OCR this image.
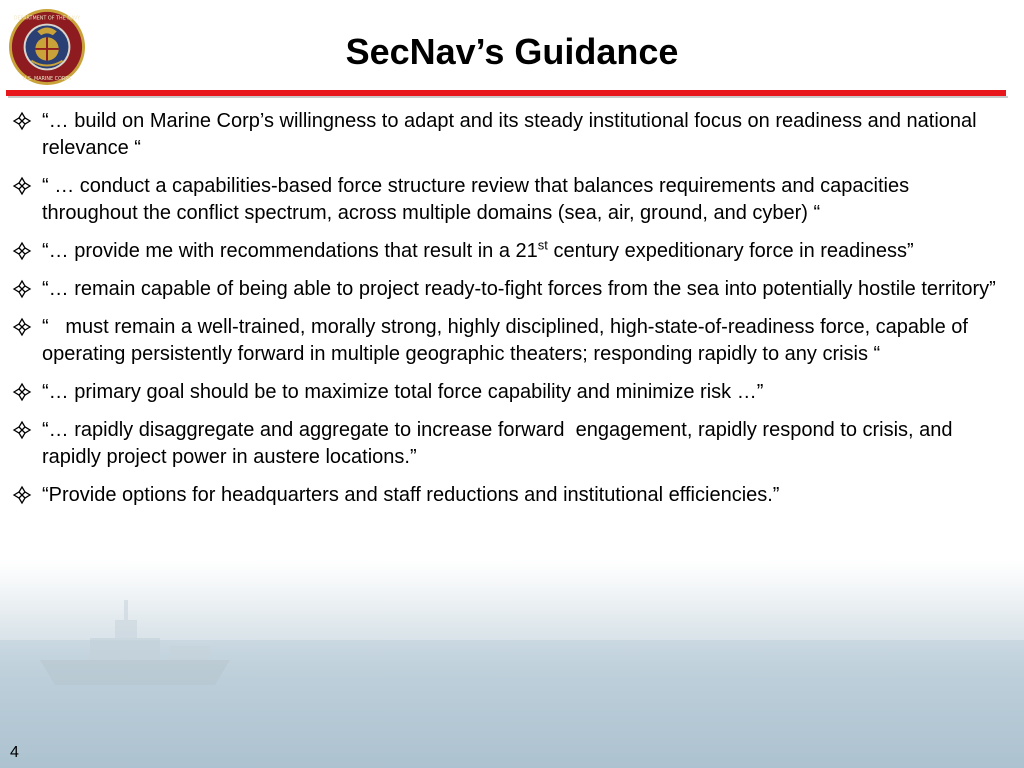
DEPARTMENT OF THE NAVY
U.S. MARINE CORPS
SecNav’s Guidance
“… build on Marine Corp’s willingness to adapt and its steady institutional focus on readiness and national relevance “
“ … conduct a capabilities-based force structure review that balances requirements and capacities throughout the conflict spectrum, across multiple domains (sea, air, ground, and cyber) “
“… provide me with recommendations that result in a 21st century expeditionary force in readiness”
“… remain capable of being able to project ready-to-fight forces from the sea into potentially hostile territory”
“   must remain a well-trained, morally strong, highly disciplined, high-state-of-readiness force, capable of operating persistently forward in multiple geographic theaters; responding rapidly to any crisis “
“… primary goal should be to maximize total force capability and minimize risk …”
“… rapidly disaggregate and aggregate to increase forward  engagement, rapidly respond to crisis, and rapidly project power in austere locations.”
“Provide options for headquarters and staff reductions and institutional efficiencies.”
4
